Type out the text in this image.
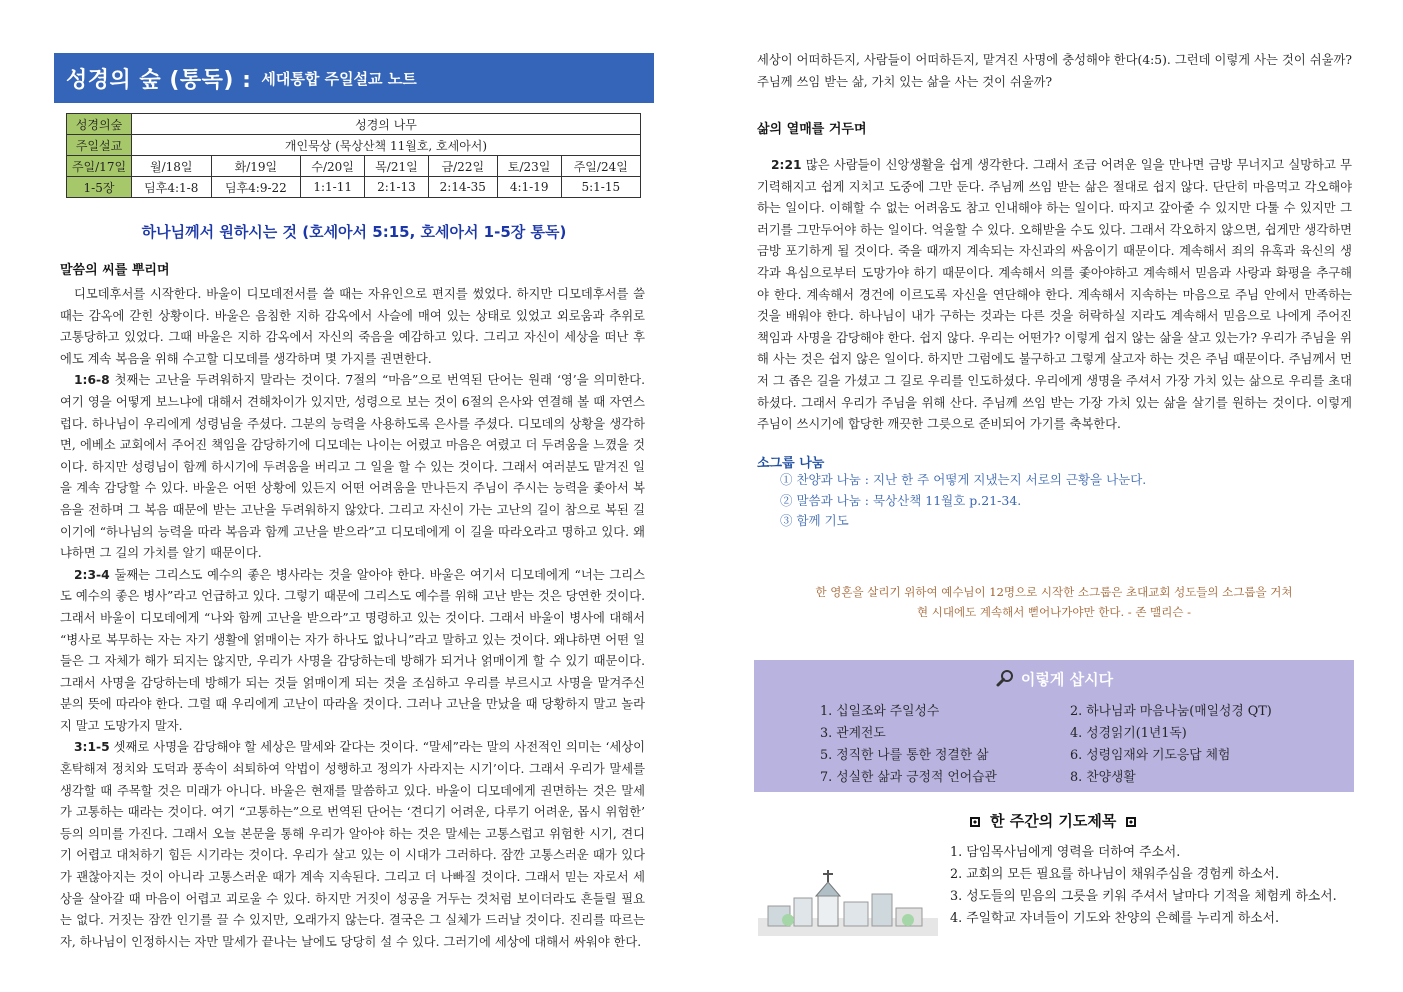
성경의 숲 (통독) : 세대통합 주일설교 노트
성경의숲	성경의 나무						
주일설교	개인묵상 (묵상산책 11월호, 호세아서)						
주일/17일	월/18일	화/19일	수/20일	목/21일	금/22일	토/23일	주일/24일
1-5장	딤후4:1-8	딤후4:9-22	1:1-11	2:1-13	2:14-35	4:1-19	5:1-15
하나님께서 원하시는 것 (호세아서 5:15, 호세아서 1-5장 통독)
말씀의 씨를 뿌리며

디모데후서를 시작한다. 바울이 디모데전서를 쓸 때는 자유인으로 편지를 썼었다. 하지만 디모데후서를 쓸 때는 감옥에 갇힌 상황이다. 바울은 음침한 지하 감옥에서 사슬에 매여 있는 상태로 있었고 외로움과 추위로 고통당하고 있었다. 그때 바울은 지하 감옥에서 자신의 죽음을 예감하고 있다. 그리고 자신이 세상을 떠난 후에도 계속 복음을 위해 수고할 디모데를 생각하며 몇 가지를 권면한다.

1:6-8 첫째는 고난을 두려워하지 말라는 것이다. 7절의 “마음”으로 번역된 단어는 원래 ‘영’을 의미한다. 여기 영을 어떻게 보느냐에 대해서 견해차이가 있지만, 성령으로 보는 것이 6절의 은사와 연결해 볼 때 자연스럽다. 하나님이 우리에게 성령님을 주셨다. 그분의 능력을 사용하도록 은사를 주셨다. 디모데의 상황을 생각하면, 에베소 교회에서 주어진 책임을 감당하기에 디모데는 나이는 어렸고 마음은 여렸고 더 두려움을 느꼈을 것이다. 하지만 성령님이 함께 하시기에 두려움을 버리고 그 일을 할 수 있는 것이다. 그래서 여러분도 맡겨진 일을 계속 감당할 수 있다. 바울은 어떤 상황에 있든지 어떤 어려움을 만나든지 주님이 주시는 능력을 좇아서 복음을 전하며 그 복음 때문에 받는 고난을 두려워하지 않았다. 그리고 자신이 가는 고난의 길이 참으로 복된 길이기에 “하나님의 능력을 따라 복음과 함께 고난을 받으라”고 디모데에게 이 길을 따라오라고 명하고 있다. 왜냐하면 그 길의 가치를 알기 때문이다.

2:3-4 둘째는 그리스도 예수의 좋은 병사라는 것을 알아야 한다. 바울은 여기서 디모데에게 “너는 그리스도 예수의 좋은 병사”라고 언급하고 있다. 그렇기 때문에 그리스도 예수를 위해 고난 받는 것은 당연한 것이다. 그래서 바울이 디모데에게 “나와 함께 고난을 받으라”고 명령하고 있는 것이다. 그래서 바울이 병사에 대해서 “병사로 복무하는 자는 자기 생활에 얽매이는 자가 하나도 없나니”라고 말하고 있는 것이다. 왜냐하면 어떤 일들은 그 자체가 해가 되지는 않지만, 우리가 사명을 감당하는데 방해가 되거나 얽매이게 할 수 있기 때문이다. 그래서 사명을 감당하는데 방해가 되는 것들 얽매이게 되는 것을 조심하고 우리를 부르시고 사명을 맡겨주신 분의 뜻에 따라야 한다. 그럴 때 우리에게 고난이 따라올 것이다. 그러나 고난을 만났을 때 당황하지 말고 놀라지 말고 도망가지 말자.

3:1-5 셋째로 사명을 감당해야 할 세상은 말세와 같다는 것이다. “말세”라는 말의 사전적인 의미는 ‘세상이 혼탁해져 정치와 도덕과 풍속이 쇠퇴하여 악법이 성행하고 정의가 사라지는 시기’이다. 그래서 우리가 말세를 생각할 때 주목할 것은 미래가 아니다. 바울은 현재를 말씀하고 있다. 바울이 디모데에게 권면하는 것은 말세가 고통하는 때라는 것이다. 여기 “고통하는”으로 번역된 단어는 ‘견디기 어려운, 다루기 어려운, 몹시 위험한’ 등의 의미를 가진다. 그래서 오늘 본문을 통해 우리가 알아야 하는 것은 말세는 고통스럽고 위험한 시기, 견디기 어렵고 대처하기 힘든 시기라는 것이다. 우리가 살고 있는 이 시대가 그러하다. 잠깐 고통스러운 때가 있다가 괜찮아지는 것이 아니라 고통스러운 때가 계속 지속된다. 그리고 더 나빠질 것이다. 그래서 믿는 자로서 세상을 살아갈 때 마음이 어렵고 괴로울 수 있다. 하지만 거짓이 성공을 거두는 것처럼 보이더라도 흔들릴 필요는 없다. 거짓는 잠깐 인기를 끌 수 있지만, 오래가지 않는다. 결국은 그 실체가 드러날 것이다. 진리를 따르는 자, 하나님이 인정하시는 자만 말세가 끝나는 날에도 당당히 설 수 있다. 그러기에 세상에 대해서 싸워야 한다.

세상이 어떠하든지, 사람들이 어떠하든지, 맡겨진 사명에 충성해야 한다(4:5). 그런데 이렇게 사는 것이 쉬울까? 주님께 쓰임 받는 삶, 가치 있는 삶을 사는 것이 쉬울까?

삶의 열매를 거두며

2:21 많은 사람들이 신앙생활을 쉽게 생각한다. 그래서 조금 어려운 일을 만나면 금방 무너지고 실망하고 무기력해지고 쉽게 지치고 도중에 그만 둔다. 주님께 쓰임 받는 삶은 절대로 쉽지 않다. 단단히 마음먹고 각오해야 하는 일이다. 이해할 수 없는 어려움도 참고 인내해야 하는 일이다. 따지고 갚아줄 수 있지만 다툴 수 있지만 그러기를 그만두어야 하는 일이다. 억울할 수 있다. 오해받을 수도 있다. 그래서 각오하지 않으면, 쉽게만 생각하면 금방 포기하게 될 것이다. 죽을 때까지 계속되는 자신과의 싸움이기 때문이다. 계속해서 죄의 유혹과 육신의 생각과 욕심으로부터 도망가야 하기 때문이다. 계속해서 의를 좇아야하고 계속해서 믿음과 사랑과 화평을 추구해야 한다. 계속해서 경건에 이르도록 자신을 연단해야 한다. 계속해서 지속하는 마음으로 주님 안에서 만족하는 것을 배워야 한다. 하나님이 내가 구하는 것과는 다른 것을 허락하실 지라도 계속해서 믿음으로 나에게 주어진 책임과 사명을 감당해야 한다. 쉽지 않다. 우리는 어떤가? 이렇게 쉽지 않는 삶을 살고 있는가? 우리가 주님을 위해 사는 것은 쉽지 않은 일이다. 하지만 그럼에도 불구하고 그렇게 살고자 하는 것은 주님 때문이다. 주님께서 먼저 그 좁은 길을 가셨고 그 길로 우리를 인도하셨다. 우리에게 생명을 주셔서 가장 가치 있는 삶으로 우리를 초대하셨다. 그래서 우리가 주님을 위해 산다. 주님께 쓰임 받는 가장 가치 있는 삶을 살기를 원하는 것이다. 이렇게 주님이 쓰시기에 합당한 깨끗한 그릇으로 준비되어 가기를 축복한다.

소그룹 나눔
① 찬양과 나눔 : 지난 한 주 어떻게 지냈는지 서로의 근황을 나눈다.
② 말씀과 나눔 : 묵상산책 11월호 p.21-34.
③ 함께 기도
한 영혼을 살리기 위하여 예수님이 12명으로 시작한 소그룹은 초대교회 성도들의 소그룹을 거쳐
현 시대에도 계속해서 뻗어나가야만 한다. - 존 맬리슨 -
이렇게 삽시다
1. 십일조와 주일성수	2. 하나님과 마음나눔(매일성경 QT)
3. 관계전도	4. 성경읽기(1년1독)
5. 정직한 나를 통한 정결한 삶	6. 성령임재와 기도응답 체험
7. 성실한 삶과 긍정적 언어습관	8. 찬양생활
한 주간의 기도제목
1. 담임목사님에게 영력을 더하여 주소서.
2. 교회의 모든 필요를 하나님이 채워주심을 경험케 하소서.
3. 성도들의 믿음의 그릇을 키워 주셔서 날마다 기적을 체험케 하소서.
4. 주일학교 자녀들이 기도와 찬양의 은혜를 누리게 하소서.
